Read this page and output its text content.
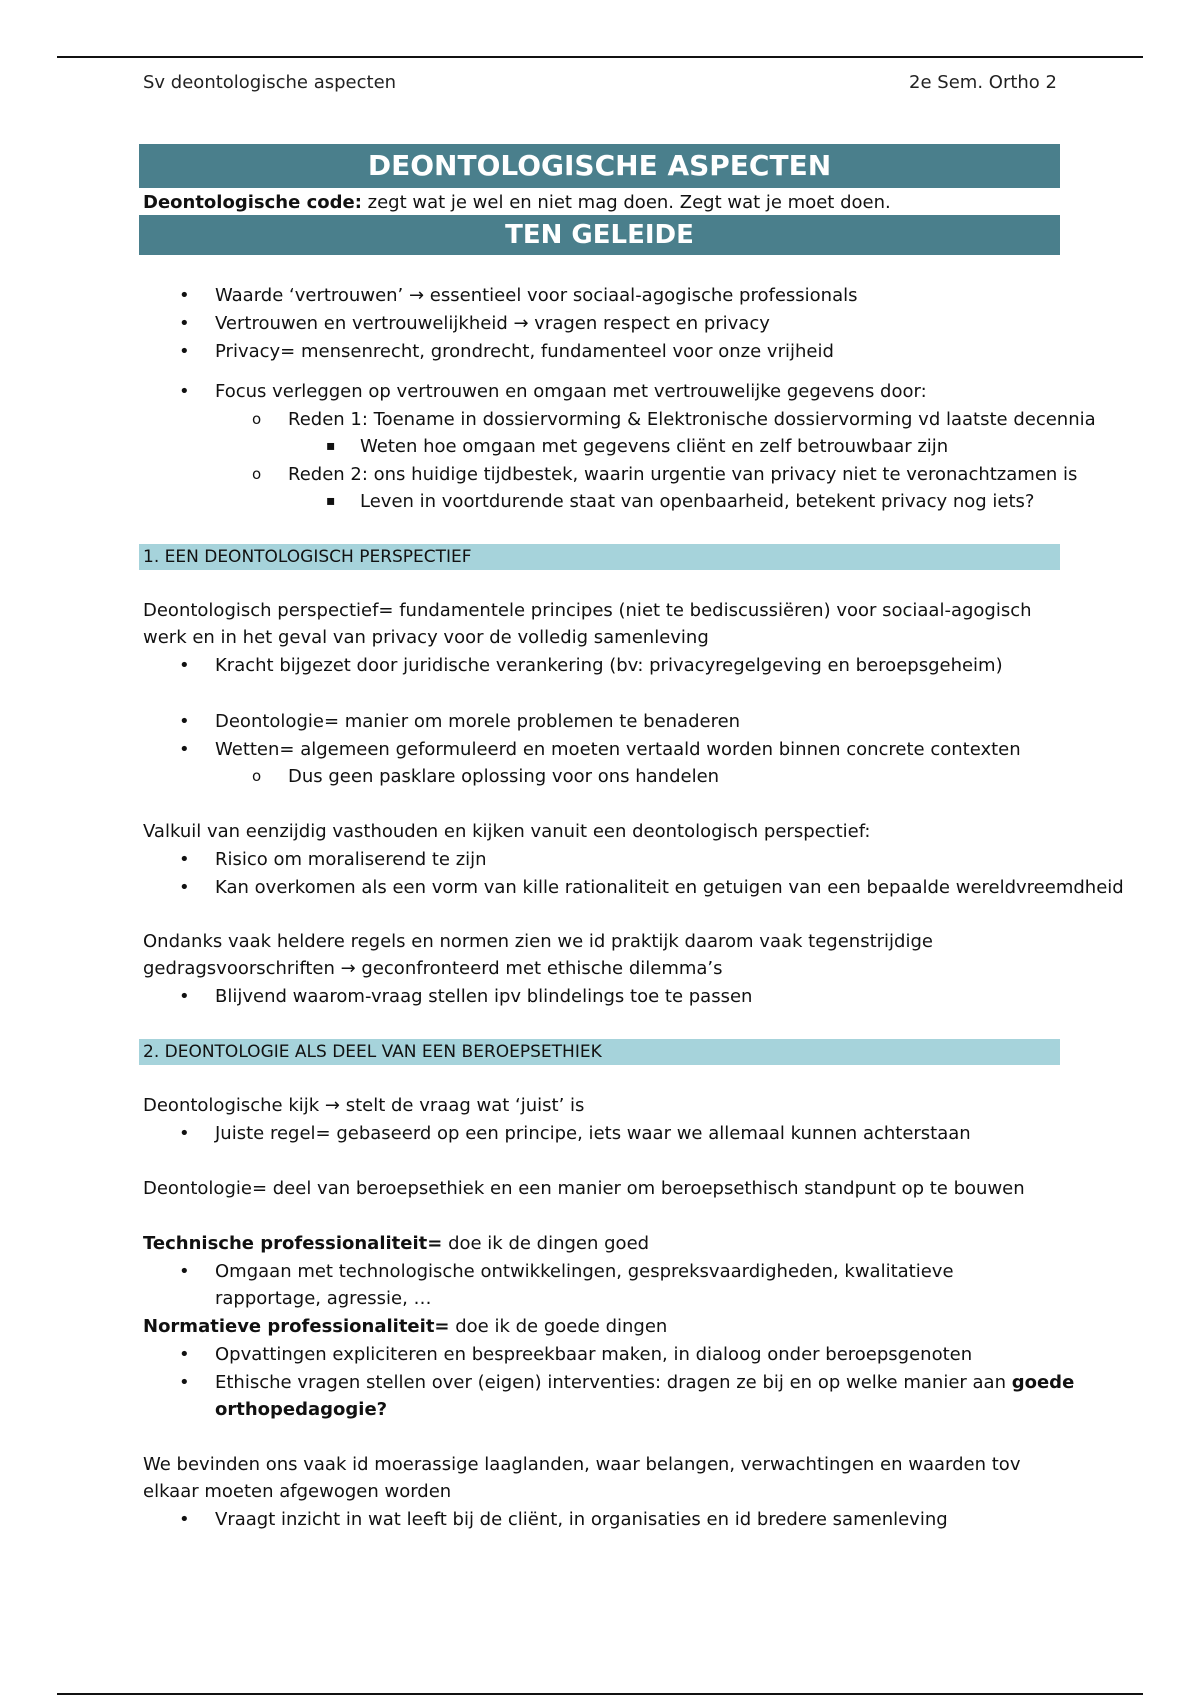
Sv deontologische aspecten	2e Sem. Ortho 2
DEONTOLOGISCHE ASPECTEN
Deontologische code: zegt wat je wel en niet mag doen. Zegt wat je moet doen.
TEN GELEIDE
• Waarde ‘vertrouwen’ → essentieel voor sociaal-agogische professionals
• Vertrouwen en vertrouwelijkheid → vragen respect en privacy
• Privacy= mensenrecht, grondrecht, fundamenteel voor onze vrijheid
• Focus verleggen op vertrouwen en omgaan met vertrouwelijke gegevens door:
o Reden 1: Toename in dossiervorming & Elektronische dossiervorming vd laatste decennia
▪ Weten hoe omgaan met gegevens cliënt en zelf betrouwbaar zijn
o Reden 2: ons huidige tijdbestek, waarin urgentie van privacy niet te veronachtzamen is
▪ Leven in voortdurende staat van openbaarheid, betekent privacy nog iets?
1. EEN DEONTOLOGISCH PERSPECTIEF
Deontologisch perspectief= fundamentele principes (niet te bediscussiëren) voor sociaal-agogisch
werk en in het geval van privacy voor de volledig samenleving
• Kracht bijgezet door juridische verankering (bv: privacyregelgeving en beroepsgeheim)
• Deontologie= manier om morele problemen te benaderen
• Wetten= algemeen geformuleerd en moeten vertaald worden binnen concrete contexten
o Dus geen pasklare oplossing voor ons handelen
Valkuil van eenzijdig vasthouden en kijken vanuit een deontologisch perspectief:
• Risico om moraliserend te zijn
• Kan overkomen als een vorm van kille rationaliteit en getuigen van een bepaalde wereldvreemdheid
Ondanks vaak heldere regels en normen zien we id praktijk daarom vaak tegenstrijdige
gedragsvoorschriften → geconfronteerd met ethische dilemma’s
• Blijvend waarom-vraag stellen ipv blindelings toe te passen
2. DEONTOLOGIE ALS DEEL VAN EEN BEROEPSETHIEK
Deontologische kijk → stelt de vraag wat ‘juist’ is
• Juiste regel= gebaseerd op een principe, iets waar we allemaal kunnen achterstaan
Deontologie= deel van beroepsethiek en een manier om beroepsethisch standpunt op te bouwen
Technische professionaliteit= doe ik de dingen goed
• Omgaan met technologische ontwikkelingen, gespreksvaardigheden, kwalitatieve
rapportage, agressie, …
Normatieve professionaliteit= doe ik de goede dingen
• Opvattingen expliciteren en bespreekbaar maken, in dialoog onder beroepsgenoten
• Ethische vragen stellen over (eigen) interventies: dragen ze bij en op welke manier aan goede
orthopedagogie?
We bevinden ons vaak id moerassige laaglanden, waar belangen, verwachtingen en waarden tov
elkaar moeten afgewogen worden
• Vraagt inzicht in wat leeft bij de cliënt, in organisaties en id bredere samenleving
